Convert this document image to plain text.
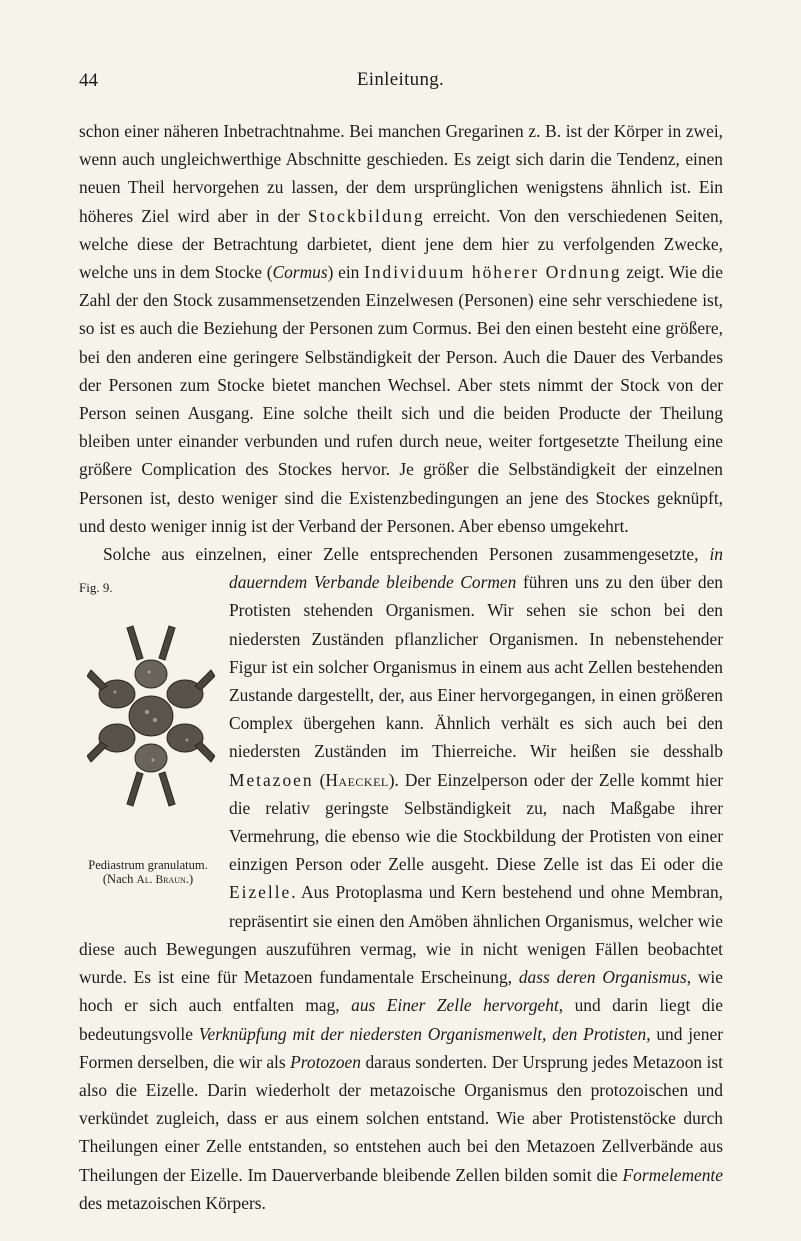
44	Einleitung.

schon einer näheren Inbetrachtnahme. Bei manchen Gregarinen z. B. ist der Körper in zwei, wenn auch ungleichwerthige Abschnitte geschieden. Es zeigt sich darin die Tendenz, einen neuen Theil hervorgehen zu lassen, der dem ursprünglichen wenigstens ähnlich ist. Ein höheres Ziel wird aber in der Stockbildung erreicht. Von den verschiedenen Seiten, welche diese der Betrachtung darbietet, dient jene dem hier zu verfolgenden Zwecke, welche uns in dem Stocke (Cormus) ein Individuum höherer Ordnung zeigt. Wie die Zahl der den Stock zusammensetzenden Einzelwesen (Personen) eine sehr verschiedene ist, so ist es auch die Beziehung der Personen zum Cormus. Bei den einen besteht eine größere, bei den anderen eine geringere Selbständigkeit der Person. Auch die Dauer des Verbandes der Personen zum Stocke bietet manchen Wechsel. Aber stets nimmt der Stock von der Person seinen Ausgang. Eine solche theilt sich und die beiden Producte der Theilung bleiben unter einander verbunden und rufen durch neue, weiter fortgesetzte Theilung eine größere Complication des Stockes hervor. Je größer die Selbständigkeit der einzelnen Personen ist, desto weniger sind die Existenzbedingungen an jene des Stockes geknüpft, und desto weniger innig ist der Verband der Personen. Aber ebenso umgekehrt.

Solche aus einzelnen, einer Zelle entsprechenden Personen zusammengesetzte, in dauerndem Verbande bleibende Cormen
Fig. 9.
Pediastrum granulatum.
(Nach Al. Braun.)
führen uns zu den über den Protisten stehenden Organismen. Wir sehen sie schon bei den niedersten Zuständen pflanzlicher Organismen. In nebenstehender Figur ist ein solcher Organismus in einem aus acht Zellen bestehenden Zustande dargestellt, der, aus Einer hervorgegangen, in einen größeren Complex übergehen kann. Ähnlich verhält es sich auch bei den niedersten Zuständen im Thierreiche. Wir heißen sie desshalb Metazoen (Haeckel). Der Einzelperson oder der Zelle kommt hier die relativ geringste Selbständigkeit zu, nach Maßgabe ihrer Vermehrung, die ebenso wie die Stockbildung der Protisten von einer einzigen Person oder Zelle ausgeht. Diese Zelle ist das Ei oder die Eizelle. Aus Protoplasma und Kern bestehend und ohne Membran, repräsentirt sie einen den Amöben ähnlichen Organismus, welcher wie diese auch Bewegungen auszuführen vermag, wie in nicht wenigen Fällen beobachtet wurde. Es ist eine für Metazoen fundamentale Erscheinung, dass deren Organismus, wie hoch er sich auch entfalten mag, aus Einer Zelle hervorgeht, und darin liegt die bedeutungsvolle Verknüpfung mit der niedersten Organismenwelt, den Protisten, und jener Formen derselben, die wir als Protozoen daraus sonderten. Der Ursprung jedes Metazoon ist also die Eizelle. Darin wiederholt der metazoische Organismus den protozoischen und verkündet zugleich, dass er aus einem solchen entstand. Wie aber Protistenstöcke durch Theilungen einer Zelle entstanden, so entstehen auch bei den Metazoen Zellverbände aus Theilungen der Eizelle. Im Dauerverbande bleibende Zellen bilden somit die Formelemente des metazoischen Körpers.
